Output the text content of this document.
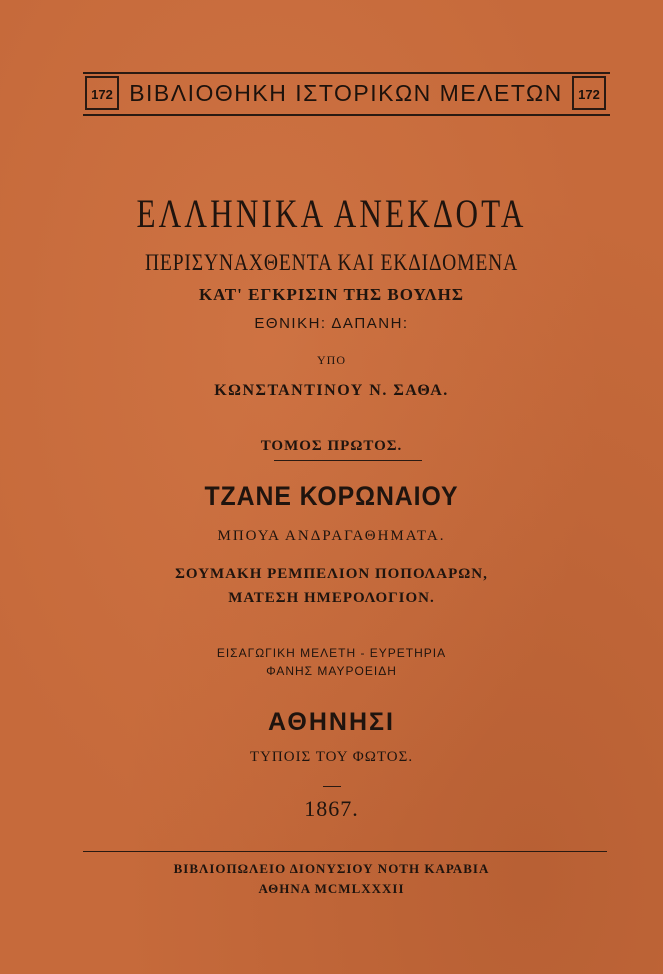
172 ΒΙΒΛΙΟΘΗΚΗ ΙΣΤΟΡΙΚΩΝ ΜΕΛΕΤΩΝ	172
ΕΛΛΗΝΙΚΑ ΑΝΕΚΔΟΤΑ
ΠΕΡΙΣΥΝΑΧΘΕΝΤΑ ΚΑΙ ΕΚΔΙΔΟΜΕΝΑ
ΚΑΤ' ΕΓΚΡΙΣΙΝ ΤΗΣ ΒΟΥΛΗΣ
ΕΘΝΙΚΗ: ΔΑΠΑΝΗ:
ΥΠΟ
ΚΩΝΣΤΑΝΤΙΝΟΥ Ν. ΣΑΘΑ.
ΤΟΜΟΣ ΠΡΩΤΟΣ.
ΤΖΑΝΕ ΚΟΡΩΝΑΙΟΥ
ΜΠΟΥΑ ΑΝΔΡΑΓΑΘΗΜΑΤΑ.
ΣΟΥΜΑΚΗ ΡΕΜΠΕΛΙΟΝ ΠΟΠΟΛΑΡΩΝ,
ΜΑΤΕΣΗ ΗΜΕΡΟΛΟΓΙΟΝ.
ΕΙΣΑΓΩΓΙΚΗ ΜΕΛΕΤΗ - ΕΥΡΕΤΗΡΙΑ
ΦΑΝΗΣ ΜΑΥΡΟΕΙΔΗ
ΑΘΗΝΗΣΙ
ΤΥΠΟΙΣ ΤΟΥ ΦΩΤΟΣ.
1867.
ΒΙΒΛΙΟΠΩΛΕΙΟ ΔΙΟΝΥΣΙΟΥ ΝΟΤΗ ΚΑΡΑΒΙΑ
ΑΘΗΝΑ ΜCMLXXXII
